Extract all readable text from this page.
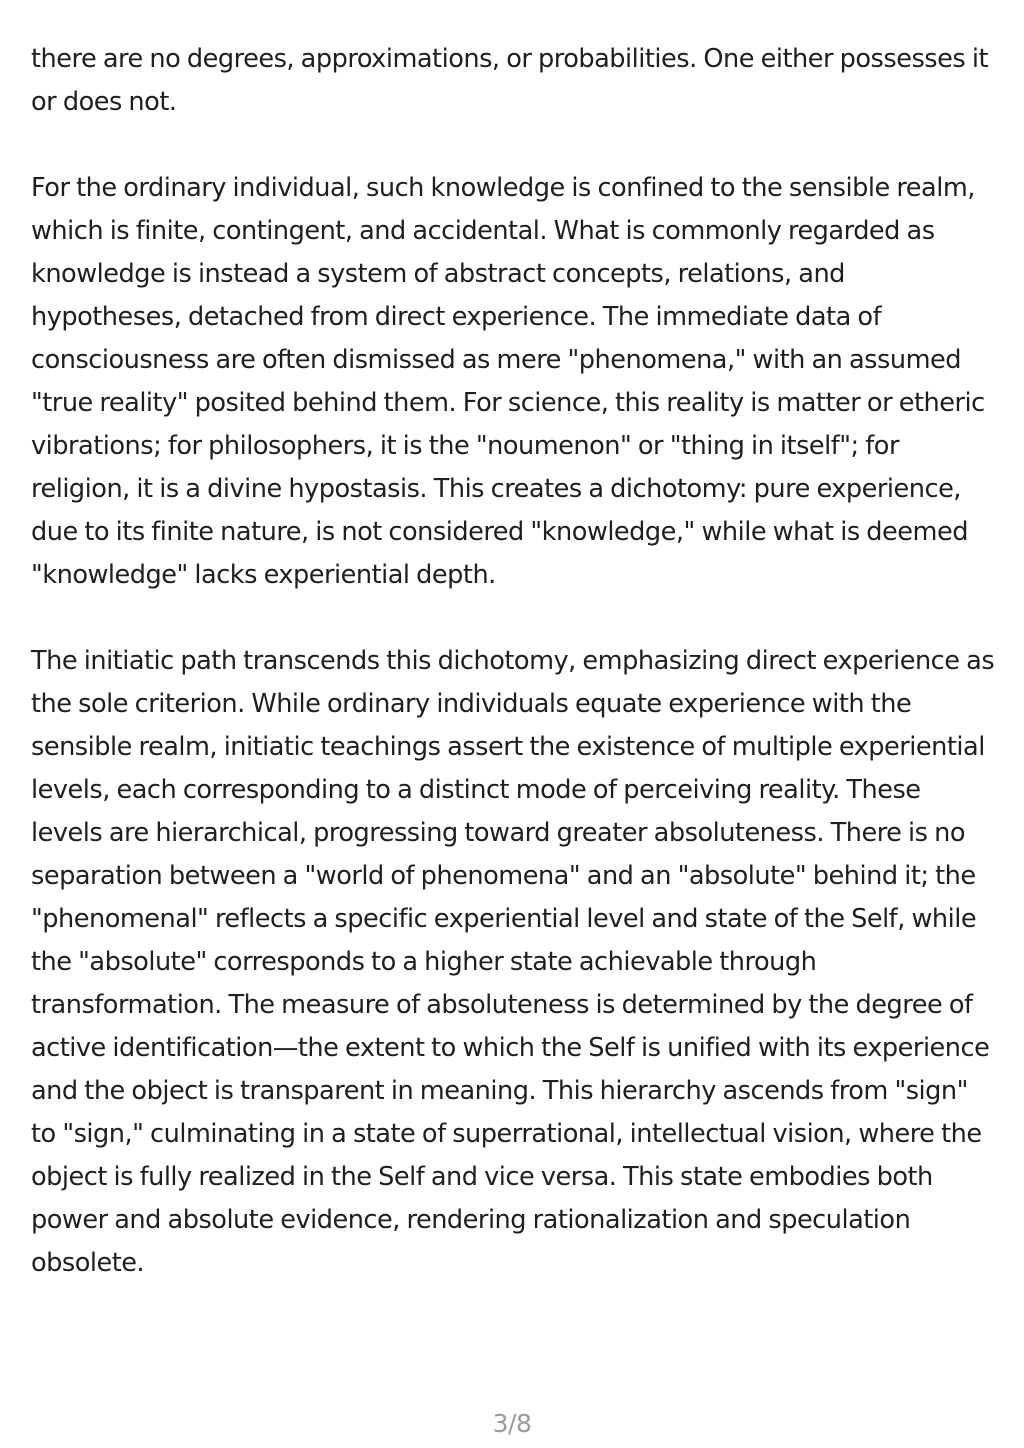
there are no degrees, approximations, or probabilities. One either possesses it or does not.

For the ordinary individual, such knowledge is confined to the sensible realm, which is finite, contingent, and accidental. What is commonly regarded as knowledge is instead a system of abstract concepts, relations, and hypotheses, detached from direct experience. The immediate data of consciousness are often dismissed as mere "phenomena," with an assumed "true reality" posited behind them. For science, this reality is matter or etheric vibrations; for philosophers, it is the "noumenon" or "thing in itself"; for religion, it is a divine hypostasis. This creates a dichotomy: pure experience, due to its finite nature, is not considered "knowledge," while what is deemed "knowledge" lacks experiential depth.

The initiatic path transcends this dichotomy, emphasizing direct experience as the sole criterion. While ordinary individuals equate experience with the sensible realm, initiatic teachings assert the existence of multiple experiential levels, each corresponding to a distinct mode of perceiving reality. These levels are hierarchical, progressing toward greater absoluteness. There is no separation between a "world of phenomena" and an "absolute" behind it; the "phenomenal" reflects a specific experiential level and state of the Self, while the "absolute" corresponds to a higher state achievable through transformation. The measure of absoluteness is determined by the degree of active identification—the extent to which the Self is unified with its experience and the object is transparent in meaning. This hierarchy ascends from "sign" to "sign," culminating in a state of superrational, intellectual vision, where the object is fully realized in the Self and vice versa. This state embodies both power and absolute evidence, rendering rationalization and speculation obsolete.

3/8
